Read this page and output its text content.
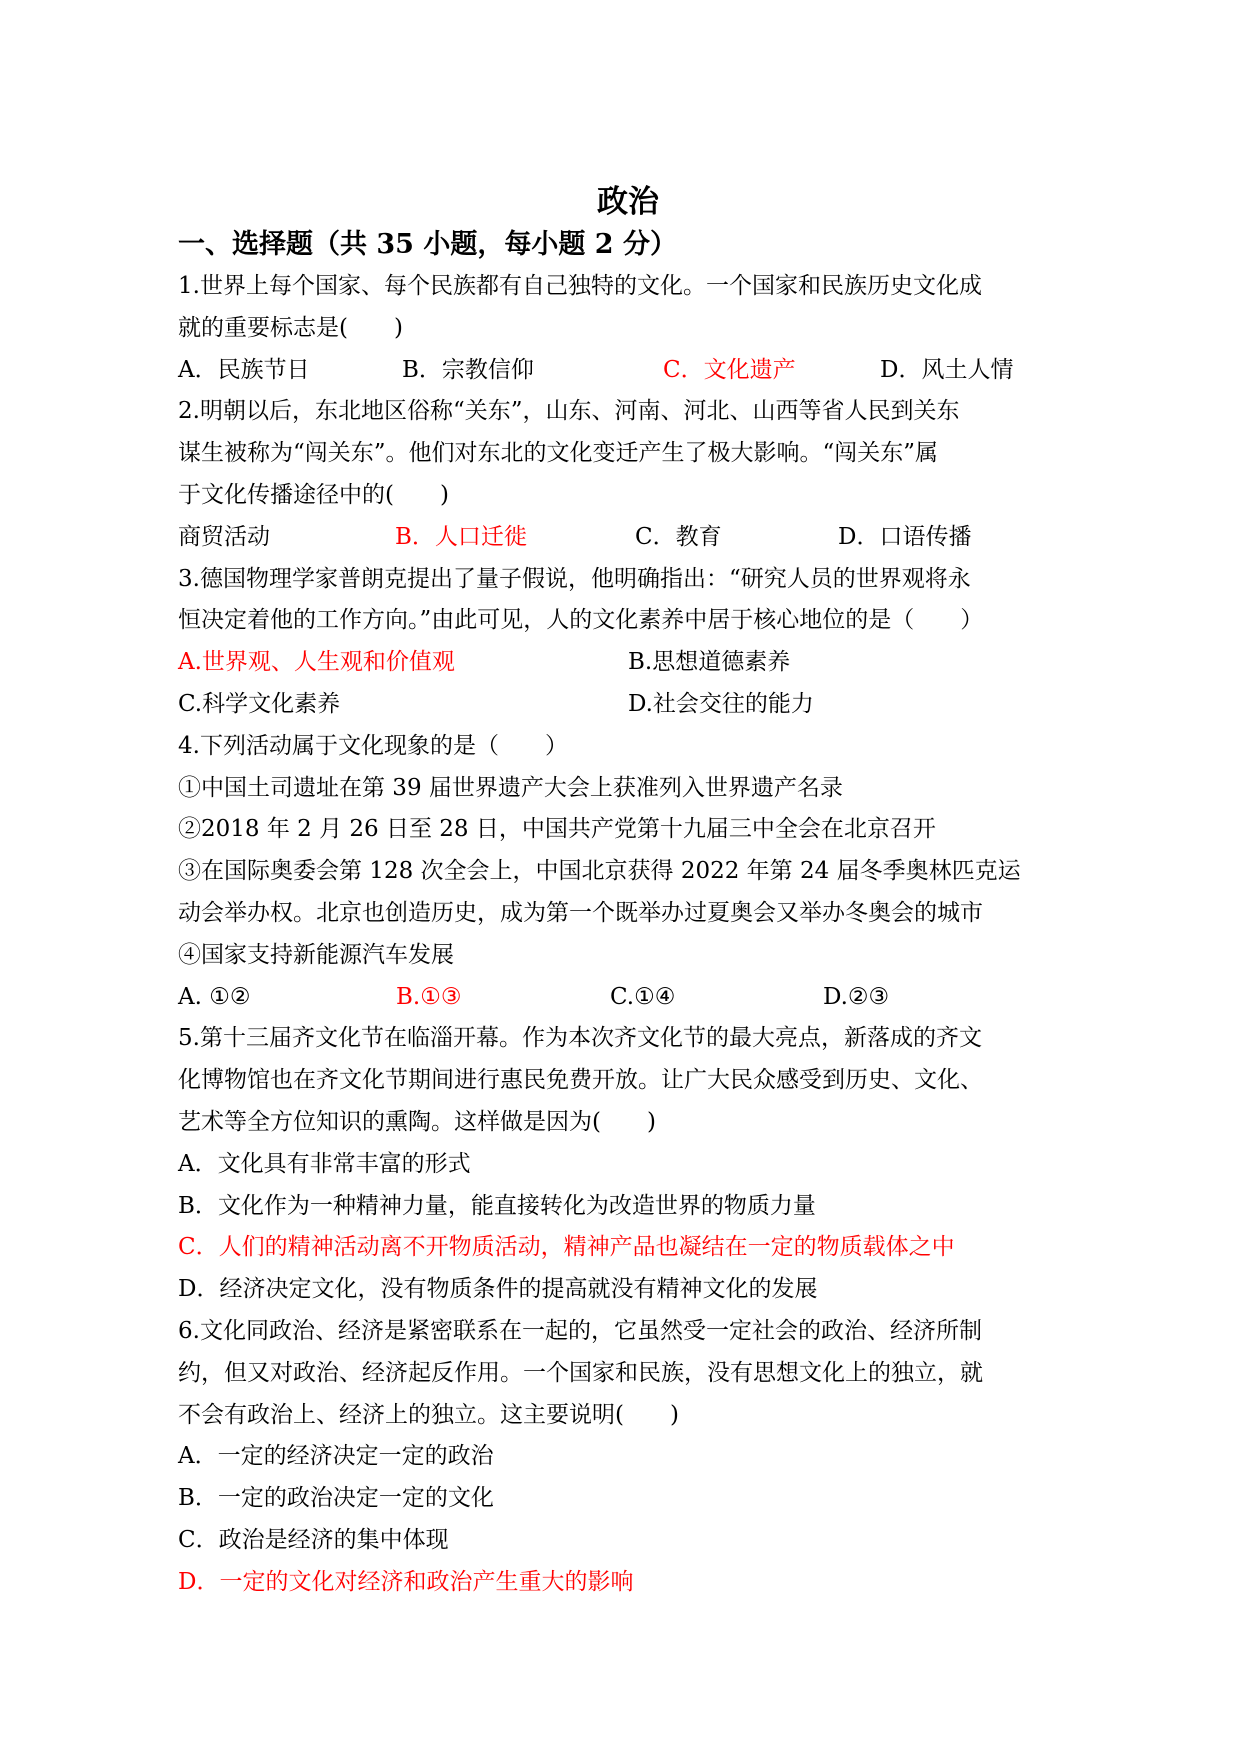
政治
一、选择题（共 35 小题，每小题 2 分）
1.世界上每个国家、每个民族都有自己独特的文化。一个国家和民族历史文化成
就的重要标志是(　　)
A．民族节日	B．宗教信仰	C．文化遗产	D．风土人情
2.明朝以后，东北地区俗称“关东”，山东、河南、河北、山西等省人民到关东
谋生被称为“闯关东”。他们对东北的文化变迁产生了极大影响。“闯关东”属
于文化传播途径中的(　　)
商贸活动	B．人口迁徙	C．教育	D．口语传播
3.德国物理学家普朗克提出了量子假说，他明确指出：“研究人员的世界观将永
恒决定着他的工作方向。”由此可见，人的文化素养中居于核心地位的是（　　）
A.世界观、人生观和价值观	B.思想道德素养
C.科学文化素养	D.社会交往的能力
4.下列活动属于文化现象的是（　　）
①中国土司遗址在第 39 届世界遗产大会上获准列入世界遗产名录
②2018 年 2 月 26 日至 28 日，中国共产党第十九届三中全会在北京召开
③在国际奥委会第 128 次全会上，中国北京获得 2022 年第 24 届冬季奥林匹克运
动会举办权。北京也创造历史，成为第一个既举办过夏奥会又举办冬奥会的城市
④国家支持新能源汽车发展
A. ①②	B.①③	C.①④	D.②③
5.第十三届齐文化节在临淄开幕。作为本次齐文化节的最大亮点，新落成的齐文
化博物馆也在齐文化节期间进行惠民免费开放。让广大民众感受到历史、文化、
艺术等全方位知识的熏陶。这样做是因为(　　)
A．文化具有非常丰富的形式
B．文化作为一种精神力量，能直接转化为改造世界的物质力量
C．人们的精神活动离不开物质活动，精神产品也凝结在一定的物质载体之中
D．经济决定文化，没有物质条件的提高就没有精神文化的发展
6.文化同政治、经济是紧密联系在一起的，它虽然受一定社会的政治、经济所制
约，但又对政治、经济起反作用。一个国家和民族，没有思想文化上的独立，就
不会有政治上、经济上的独立。这主要说明(　　)
A．一定的经济决定一定的政治
B．一定的政治决定一定的文化
C．政治是经济的集中体现
D．一定的文化对经济和政治产生重大的影响
